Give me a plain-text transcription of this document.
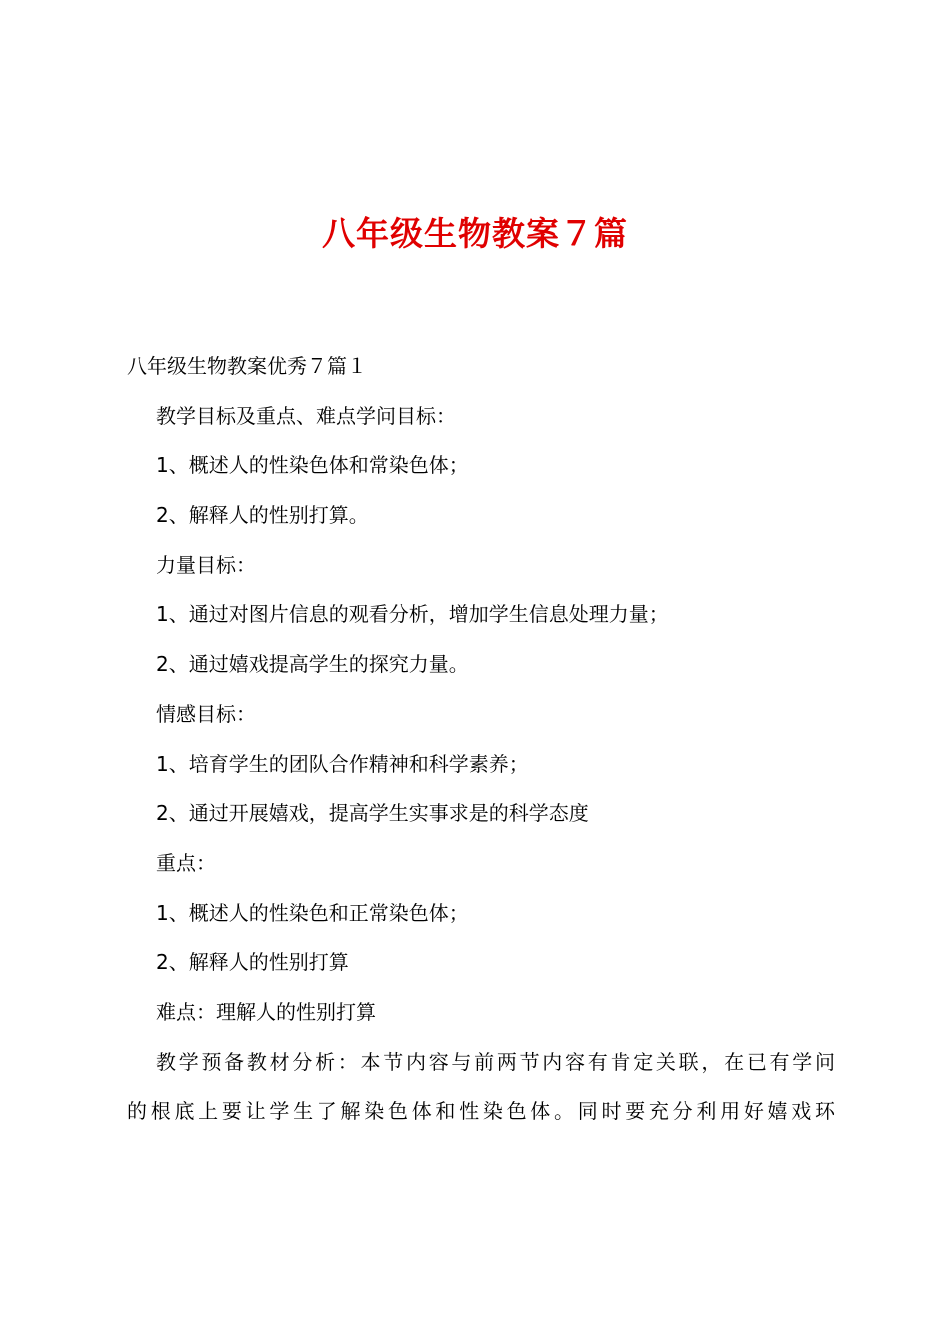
八年级生物教案７篇

八年级生物教案优秀７篇１

教学目标及重点、难点学问目标：

1、概述人的性染色体和常染色体；

2、解释人的性别打算。

力量目标：

1、通过对图片信息的观看分析，增加学生信息处理力量；

2、通过嬉戏提高学生的探究力量。

情感目标：

1、培育学生的团队合作精神和科学素养；

2、通过开展嬉戏，提高学生实事求是的科学态度

重点：

1、概述人的性染色和正常染色体；

2、解释人的性别打算

难点：理解人的性别打算

教学预备教材分析：本节内容与前两节内容有肯定关联，在已有学问

的根底上要让学生了解染色体和性染色体。同时要充分利用好嬉戏环
